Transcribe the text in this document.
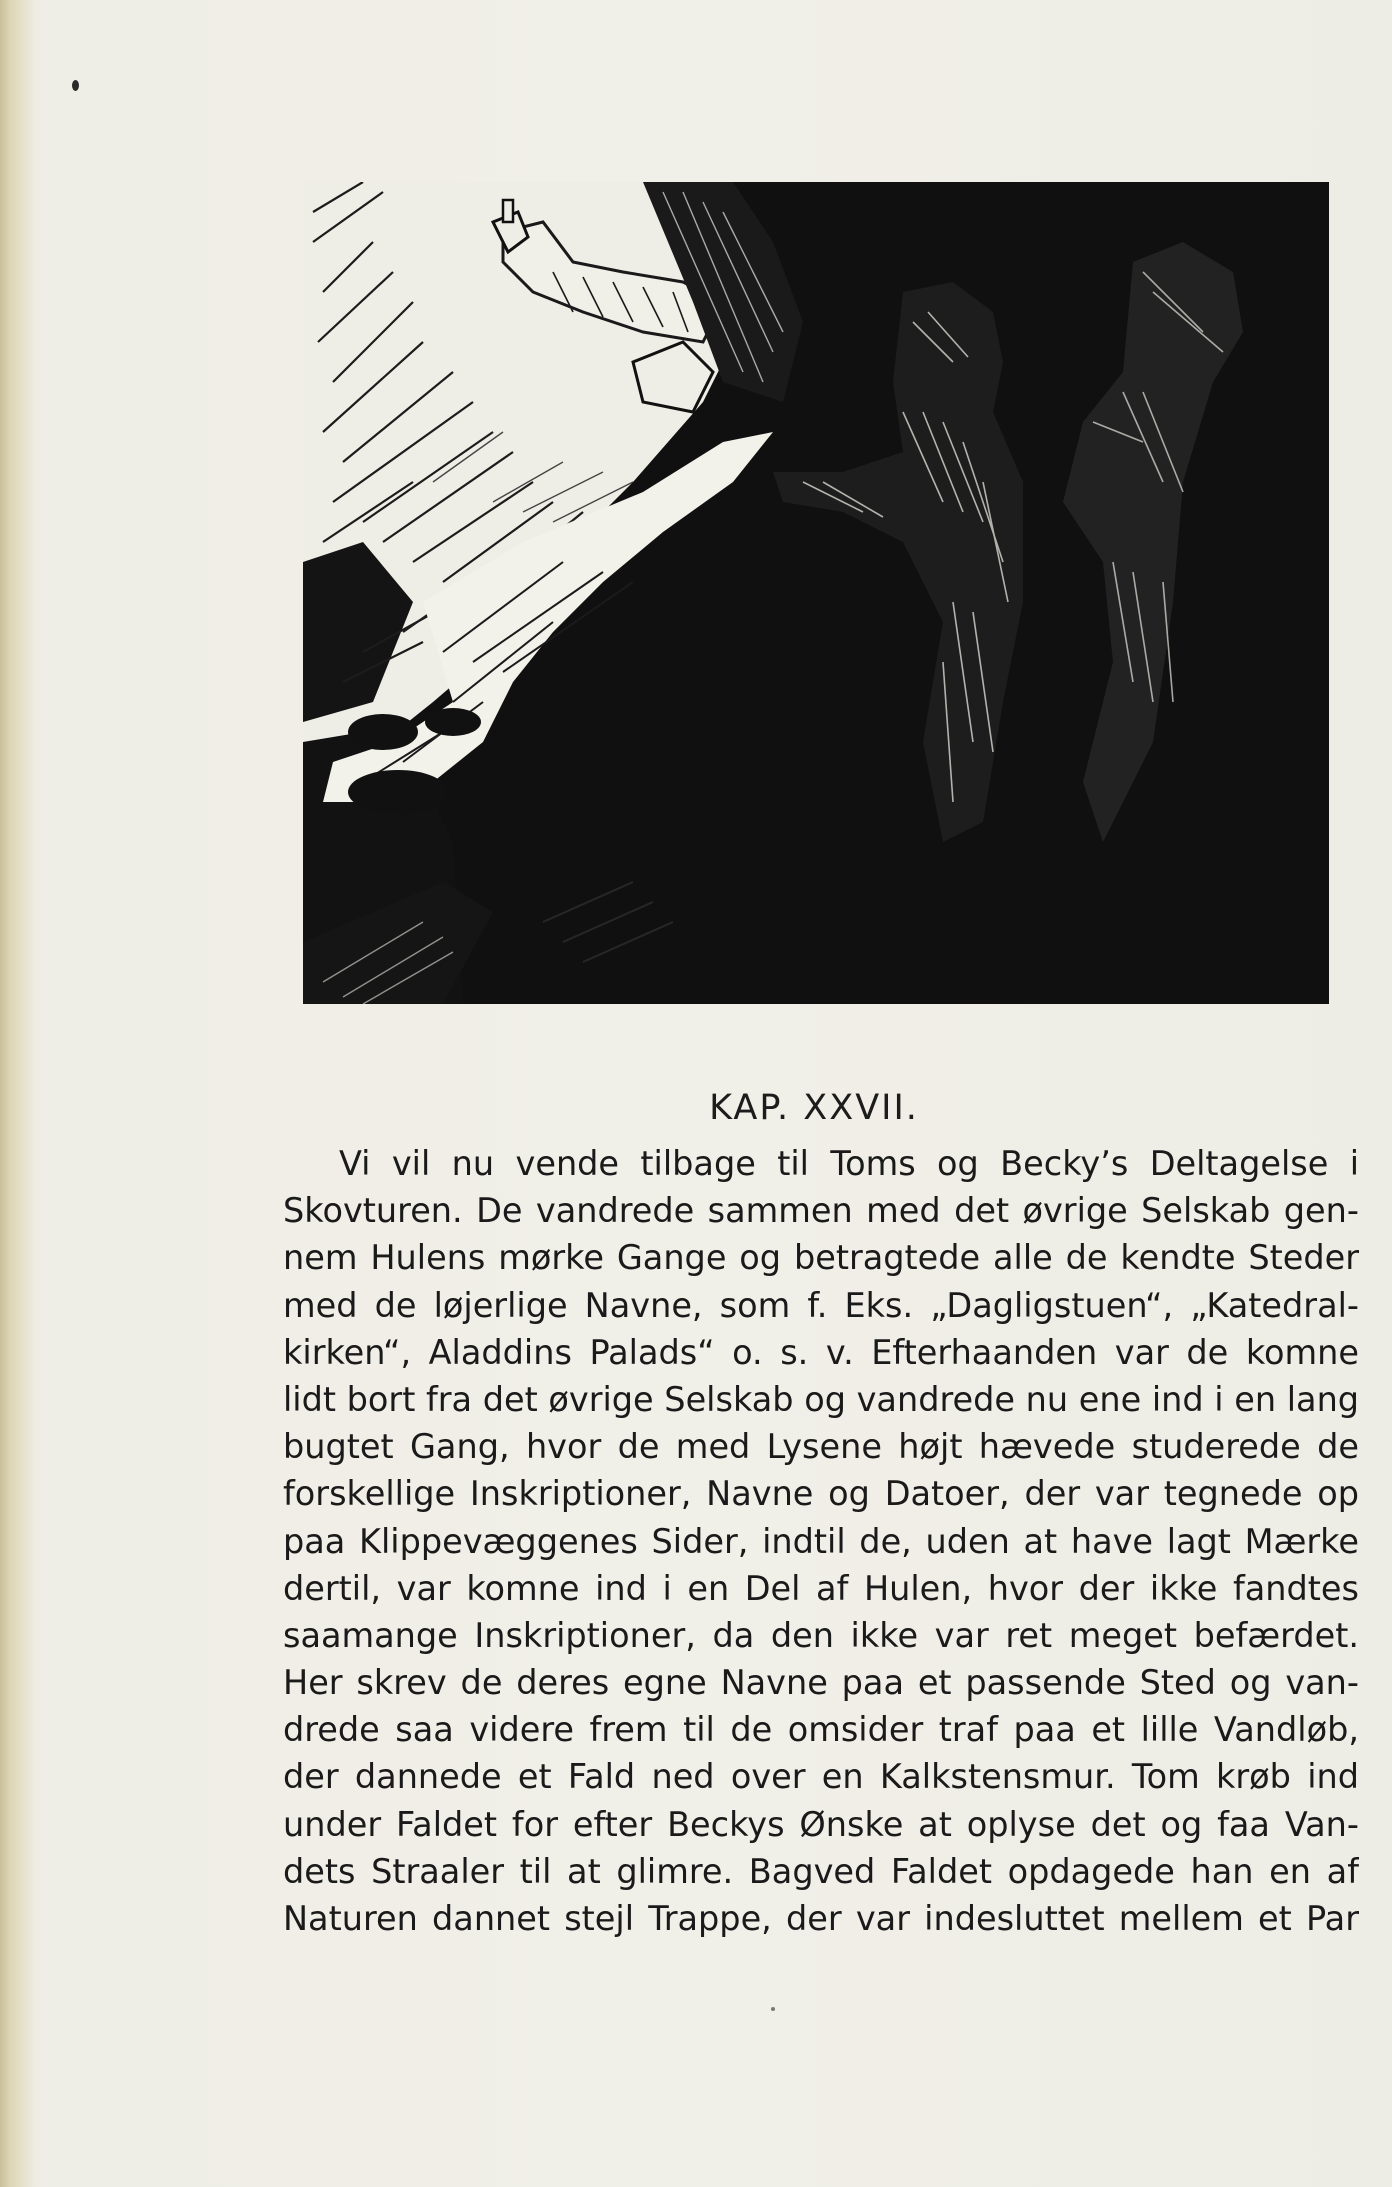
KAP. XXVII.
Vi vil nu vende tilbage til Toms og Becky’s Deltagelse i
Skovturen. De vandrede sammen med det øvrige Selskab gen-
nem Hulens mørke Gange og betragtede alle de kendte Steder
med de løjerlige Navne, som f. Eks. „Dagligstuen“, „Katedral-
kirken“, Aladdins Palads“ o. s. v. Efterhaanden var de komne
lidt bort fra det øvrige Selskab og vandrede nu ene ind i en lang
bugtet Gang, hvor de med Lysene højt hævede studerede de
forskellige Inskriptioner, Navne og Datoer, der var tegnede op
paa Klippevæggenes Sider, indtil de, uden at have lagt Mærke
dertil, var komne ind i en Del af Hulen, hvor der ikke fandtes
saamange Inskriptioner, da den ikke var ret meget befærdet.
Her skrev de deres egne Navne paa et passende Sted og van-
drede saa videre frem til de omsider traf paa et lille Vandløb,
der dannede et Fald ned over en Kalkstensmur. Tom krøb ind
under Faldet for efter Beckys Ønske at oplyse det og faa Van-
dets Straaler til at glimre. Bagved Faldet opdagede han en af
Naturen dannet stejl Trappe, der var indesluttet mellem et Par
